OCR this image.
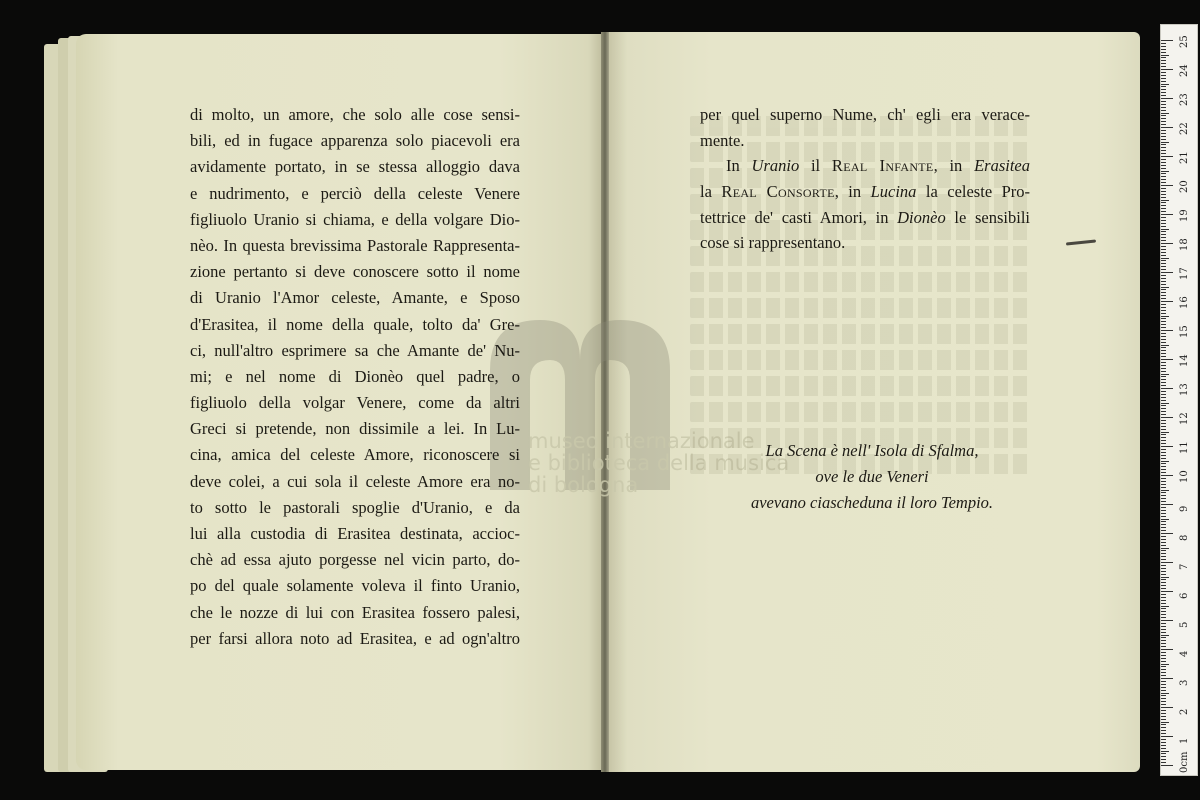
museo internazionale
e biblioteca della musica
di bologna
di molto, un amore, che solo alle cose sensi-
bili, ed in fugace apparenza solo piacevoli era
avidamente portato, in se stessa alloggio dava
e nudrimento, e perciò della celeste Venere
figliuolo Uranio si chiama, e della volgare Dio-
nèo. In questa brevissima Pastorale Rappresenta-
zione pertanto si deve conoscere sotto il nome
di Uranio l'Amor celeste, Amante, e Sposo
d'Erasitea, il nome della quale, tolto da' Gre-
ci, null'altro esprimere sa che Amante de' Nu-
mi; e nel nome di Dionèo quel padre, o
figliuolo della volgar Venere, come da altri
Greci si pretende, non dissimile a lei. In Lu-
cina, amica del celeste Amore, riconoscere si
deve colei, a cui sola il celeste Amore era no-
to sotto le pastorali spoglie d'Uranio, e da
lui alla custodia di Erasitea destinata, accioc-
chè ad essa ajuto porgesse nel vicin parto, do-
po del quale solamente voleva il finto Uranio,
che le nozze di lui con Erasitea fossero palesi,
per farsi allora noto ad Erasitea, e ad ogn'altro
per quel superno Nume, ch' egli era verace-
mente.
In Uranio il Real Infante, in Erasitea
la Real Consorte, in Lucina la celeste Pro-
tettrice de' casti Amori, in Dionèo le sensibili
cose si rappresentano.
La Scena è nell' Isola di Sfalma,
ove le due Veneri
avevano ciascheduna il loro Tempio.
0cm
1
2
3
4
5
6
7
8
9
10
11
12
13
14
15
16
17
18
19
20
21
22
23
24
25
